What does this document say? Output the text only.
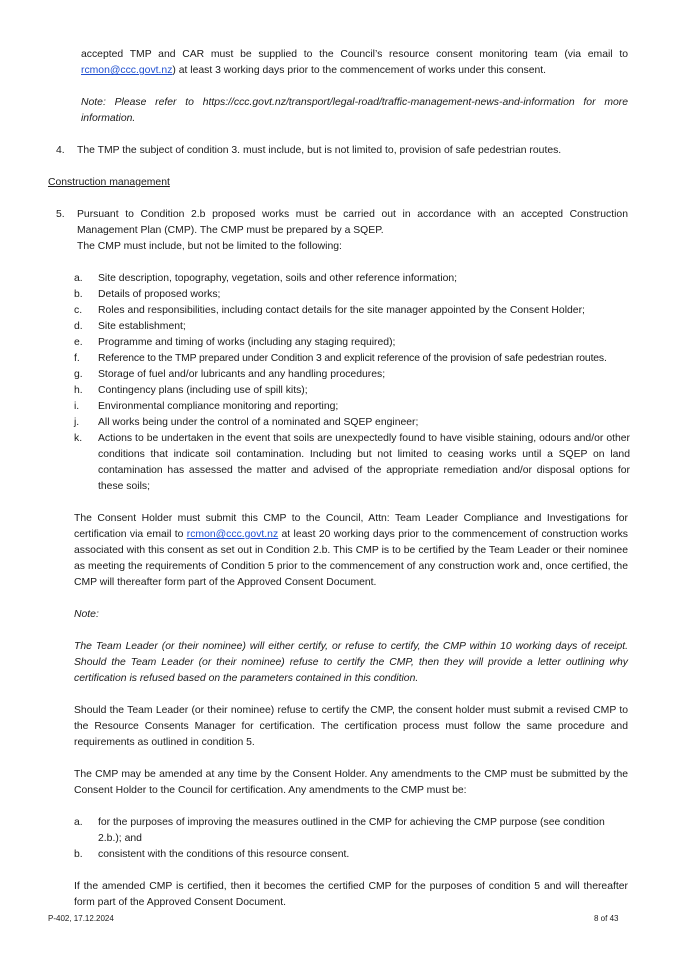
accepted TMP and CAR must be supplied to the Council’s resource consent monitoring team (via email to rcmon@ccc.govt.nz) at least 3 working days prior to the commencement of works under this consent.
Note: Please refer to https://ccc.govt.nz/transport/legal-road/traffic-management-news-and-information for more information.
4. The TMP the subject of condition 3. must include, but is not limited to, provision of safe pedestrian routes.
Construction management
5. Pursuant to Condition 2.b proposed works must be carried out in accordance with an accepted Construction Management Plan (CMP). The CMP must be prepared by a SQEP.
The CMP must include, but not be limited to the following:
a. Site description, topography, vegetation, soils and other reference information;
b. Details of proposed works;
c. Roles and responsibilities, including contact details for the site manager appointed by the Consent Holder;
d. Site establishment;
e. Programme and timing of works (including any staging required);
f. Reference to the TMP prepared under Condition 3 and explicit reference of the provision of safe pedestrian routes.
g. Storage of fuel and/or lubricants and any handling procedures;
h. Contingency plans (including use of spill kits);
i. Environmental compliance monitoring and reporting;
j. All works being under the control of a nominated and SQEP engineer;
k. Actions to be undertaken in the event that soils are unexpectedly found to have visible staining, odours and/or other conditions that indicate soil contamination. Including but not limited to ceasing works until a SQEP on land contamination has assessed the matter and advised of the appropriate remediation and/or disposal options for these soils;
The Consent Holder must submit this CMP to the Council, Attn: Team Leader Compliance and Investigations for certification via email to rcmon@ccc.govt.nz at least 20 working days prior to the commencement of construction works associated with this consent as set out in Condition 2.b. This CMP is to be certified by the Team Leader or their nominee as meeting the requirements of Condition 5 prior to the commencement of any construction work and, once certified, the CMP will thereafter form part of the Approved Consent Document.
Note:
The Team Leader (or their nominee) will either certify, or refuse to certify, the CMP within 10 working days of receipt. Should the Team Leader (or their nominee) refuse to certify the CMP, then they will provide a letter outlining why certification is refused based on the parameters contained in this condition.
Should the Team Leader (or their nominee) refuse to certify the CMP, the consent holder must submit a revised CMP to the Resource Consents Manager for certification. The certification process must follow the same procedure and requirements as outlined in condition 5.
The CMP may be amended at any time by the Consent Holder. Any amendments to the CMP must be submitted by the Consent Holder to the Council for certification. Any amendments to the CMP must be:
a. for the purposes of improving the measures outlined in the CMP for achieving the CMP purpose (see condition 2.b.); and
b. consistent with the conditions of this resource consent.
If the amended CMP is certified, then it becomes the certified CMP for the purposes of condition 5 and will thereafter form part of the Approved Consent Document.
P-402, 17.12.2024	8 of 43
